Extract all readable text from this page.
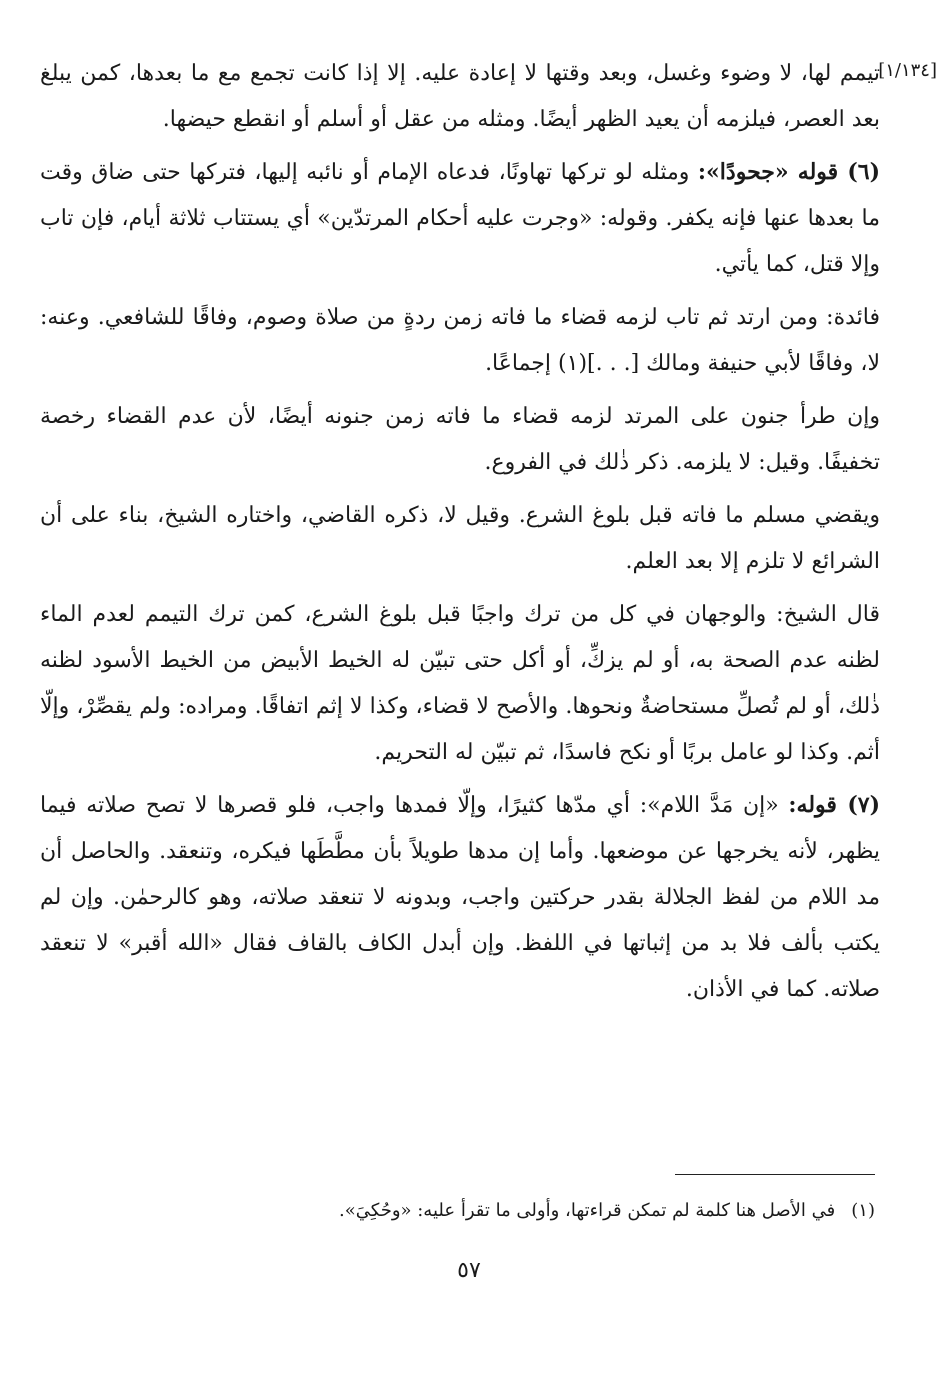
[١/١٣٤]

تيمم لها، لا وضوء وغسل، وبعد وقتها لا إعادة عليه. إلا إذا كانت تجمع مع ما بعدها، كمن يبلغ بعد العصر، فيلزمه أن يعيد الظهر أيضًا. ومثله من عقل أو أسلم أو انقطع حيضها.

(٦) قوله «جحودًا»: ومثله لو تركها تهاونًا، فدعاه الإمام أو نائبه إليها، فتركها حتى ضاق وقت ما بعدها عنها فإنه يكفر. وقوله: «وجرت عليه أحكام المرتدّين» أي يستتاب ثلاثة أيام، فإن تاب وإلا قتل، كما يأتي.

فائدة: ومن ارتد ثم تاب لزمه قضاء ما فاته زمن ردةٍ من صلاة وصوم، وفاقًا للشافعي. وعنه: لا، وفاقًا لأبي حنيفة ومالك [. . .](١) إجماعًا.

وإن طرأ جنون على المرتد لزمه قضاء ما فاته زمن جنونه أيضًا، لأن عدم القضاء رخصة تخفيفًا. وقيل: لا يلزمه. ذكر ذٰلك في الفروع.

ويقضي مسلم ما فاته قبل بلوغ الشرع. وقيل لا، ذكره القاضي، واختاره الشيخ، بناء على أن الشرائع لا تلزم إلا بعد العلم.

قال الشيخ: والوجهان في كل من ترك واجبًا قبل بلوغ الشرع، كمن ترك التيمم لعدم الماء لظنه عدم الصحة به، أو لم يزكِّ، أو أكل حتى تبيّن له الخيط الأبيض من الخيط الأسود لظنه ذٰلك، أو لم تُصلِّ مستحاضةٌ ونحوها. والأصح لا قضاء، وكذا لا إثم اتفاقًا. ومراده: ولم يقصِّرْ، وإلّا أثم. وكذا لو عامل بربًا أو نكح فاسدًا، ثم تبيّن له التحريم.

(٧) قوله: «إن مَدَّ اللام»: أي مدّها كثيرًا، وإلّا فمدها واجب، فلو قصرها لا تصح صلاته فيما يظهر، لأنه يخرجها عن موضعها. وأما إن مدها طويلاً بأن مطَّطَها فيكره، وتنعقد. والحاصل أن مد اللام من لفظ الجلالة بقدر حركتين واجب، وبدونه لا تنعقد صلاته، وهو كالرحمٰن. وإن لم يكتب بألف فلا بد من إثباتها في اللفظ. وإن أبدل الكاف بالقاف فقال «الله أقبر» لا تنعقد صلاته. كما في الأذان.

(١)في الأصل هنا كلمة لم تمكن قراءتها، وأولى ما تقرأ عليه: «وحُكِيَ».
٥٧
